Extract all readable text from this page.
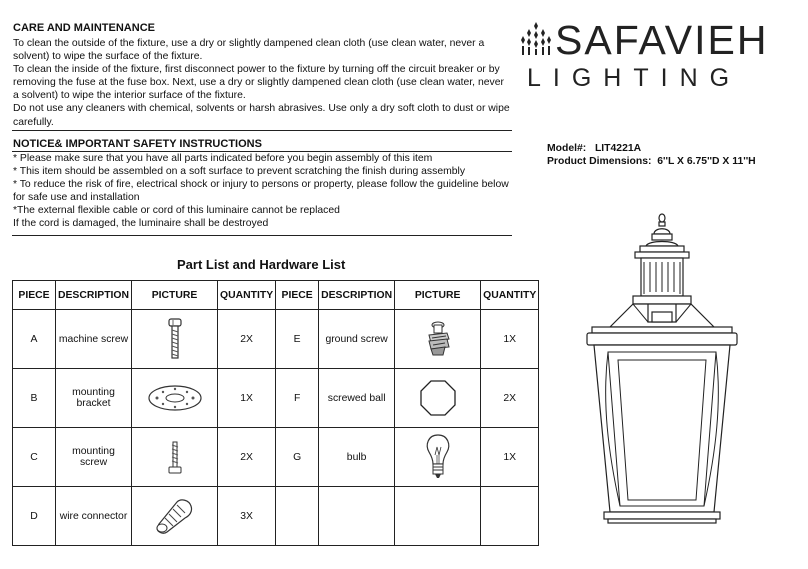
CARE AND MAINTENANCE
To clean the outside of the fixture, use a dry or slightly dampened clean cloth (use clean water, never a
solvent) to wipe the surface of the fixture.
To clean the inside of the fixture, first disconnect power to the fixture by turning off the circuit breaker or by
removing the fuse at the fuse box. Next, use a dry or slightly dampened clean cloth (use clean water, never
a solvent) to wipe the interior surface of the fixture.
Do not use any cleaners with chemical, solvents or harsh abrasives. Use only a dry soft cloth to dust or wipe
carefully.
NOTICE& IMPORTANT SAFETY INSTRUCTIONS
* Please make sure that you have all parts indicated before you begin assembly of this item
* This item should be assembled on a soft surface to prevent scratching the finish during assembly
* To reduce the risk of fire, electrical shock or injury to persons or property, please follow the guideline below
for safe use and installation
*The external flexible cable or cord of this luminaire cannot be replaced
If the cord is damaged, the luminaire shall be destroyed
SAFAVIEH
LIGHTING
Model#: LIT4221A
Product Dimensions: 6''L X 6.75''D X 11''H
Part List and Hardware List
PIECE	DESCRIPTION	PICTURE	QUANTITY	PIECE	DESCRIPTION	PICTURE	QUANTITY
A	machine screw		2X	E	ground screw		1X
B	mounting bracket		1X	F	screwed ball		2X
C	mounting screw		2X	G	bulb		1X
D	wire connector		3X				
